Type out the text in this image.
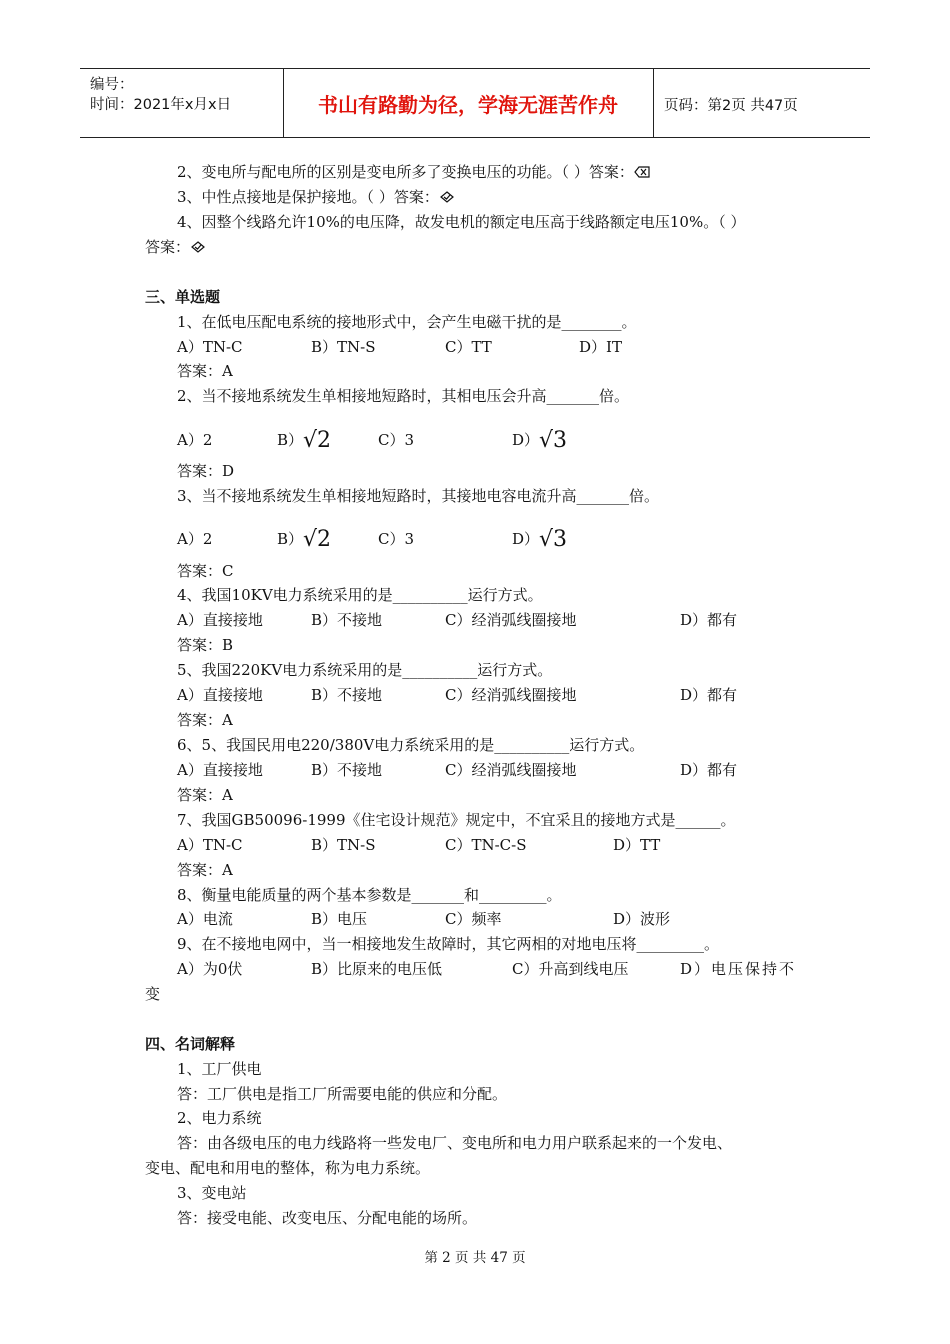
编号：
时间：2021年x月x日	书山有路勤为径，学海无涯苦作舟	页码：第2页 共47页
2、变电所与配电所的区别是变电所多了变换电压的功能。（ ）答案：
3、中性点接地是保护接地。（ ）答案：
4、因整个线路允许10%的电压降，故发电机的额定电压高于线路额定电压10%。（ ）
答案：
三、单选题
1、在低电压配电系统的接地形式中，会产生电磁干扰的是________。
A）TN-C	B）TN-S	C）TT	D）IT
答案：A
2、当不接地系统发生单相接地短路时，其相电压会升高_______倍。
A）2	B）√2	C）3	D）√3
答案：D
3、当不接地系统发生单相接地短路时，其接地电容电流升高_______倍。
A）2	B）√2	C）3	D）√3
答案：C
4、我国10KV电力系统采用的是__________运行方式。
A）直接接地	B）不接地	C）经消弧线圈接地	D）都有
答案：B
5、我国220KV电力系统采用的是__________运行方式。
A）直接接地	B）不接地	C）经消弧线圈接地	D）都有
答案：A
6、5、我国民用电220/380V电力系统采用的是__________运行方式。
A）直接接地	B）不接地	C）经消弧线圈接地	D）都有
答案：A
7、我国GB50096-1999《住宅设计规范》规定中，不宜采且的接地方式是______。
A）TN-C	B）TN-S	C）TN-C-S	D）TT
答案：A
8、衡量电能质量的两个基本参数是_______和_________。
A）电流	B）电压	C）频率	D）波形
9、在不接地电网中，当一相接地发生故障时，其它两相的对地电压将_________。
A）为0伏	B）比原来的电压低	C）升高到线电压	D）电压保持不
变
四、名词解释
1、工厂供电
答：工厂供电是指工厂所需要电能的供应和分配。
2、电力系统
答：由各级电压的电力线路将一些发电厂、变电所和电力用户联系起来的一个发电、
变电、配电和用电的整体，称为电力系统。
3、变电站
答：接受电能、改变电压、分配电能的场所。
第 2 页 共 47 页
